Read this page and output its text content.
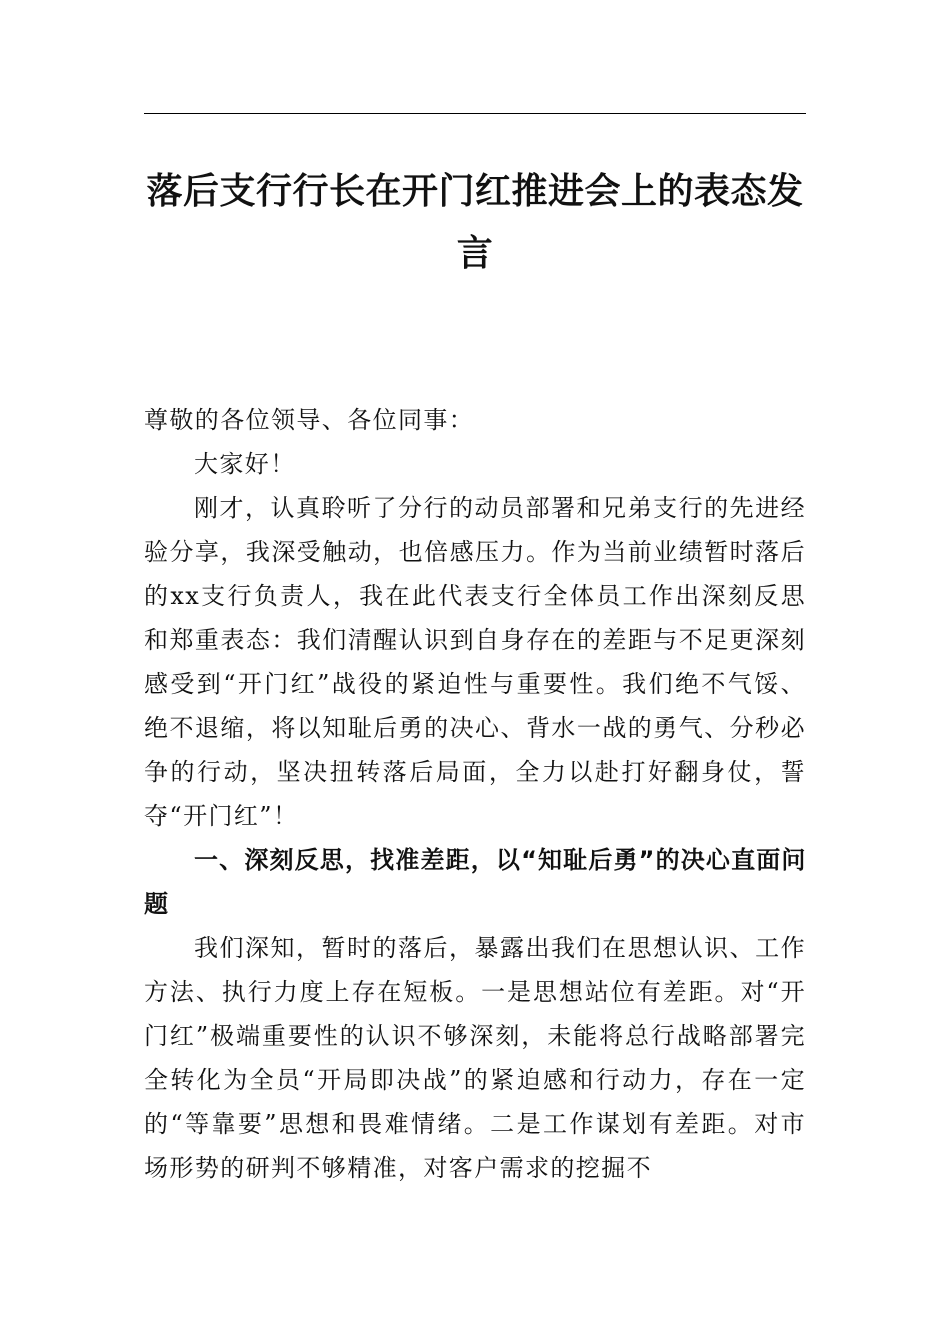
落后支行行长在开门红推进会上的表态发言

尊敬的各位领导、各位同事：

大家好！

刚才，认真聆听了分行的动员部署和兄弟支行的先进经验分享，我深受触动，也倍感压力。作为当前业绩暂时落后的xx支行负责人，我在此代表支行全体员工作出深刻反思和郑重表态：我们清醒认识到自身存在的差距与不足更深刻感受到“开门红”战役的紧迫性与重要性。我们绝不气馁、绝不退缩，将以知耻后勇的决心、背水一战的勇气、分秒必争的行动，坚决扭转落后局面，全力以赴打好翻身仗，誓夺“开门红”！

一、深刻反思，找准差距，以“知耻后勇”的决心直面问题

我们深知，暂时的落后，暴露出我们在思想认识、工作方法、执行力度上存在短板。一是思想站位有差距。对“开门红”极端重要性的认识不够深刻，未能将总行战略部署完全转化为全员“开局即决战”的紧迫感和行动力，存在一定的“等靠要”思想和畏难情绪。二是工作谋划有差距。对市场形势的研判不够精准，对客户需求的挖掘不
